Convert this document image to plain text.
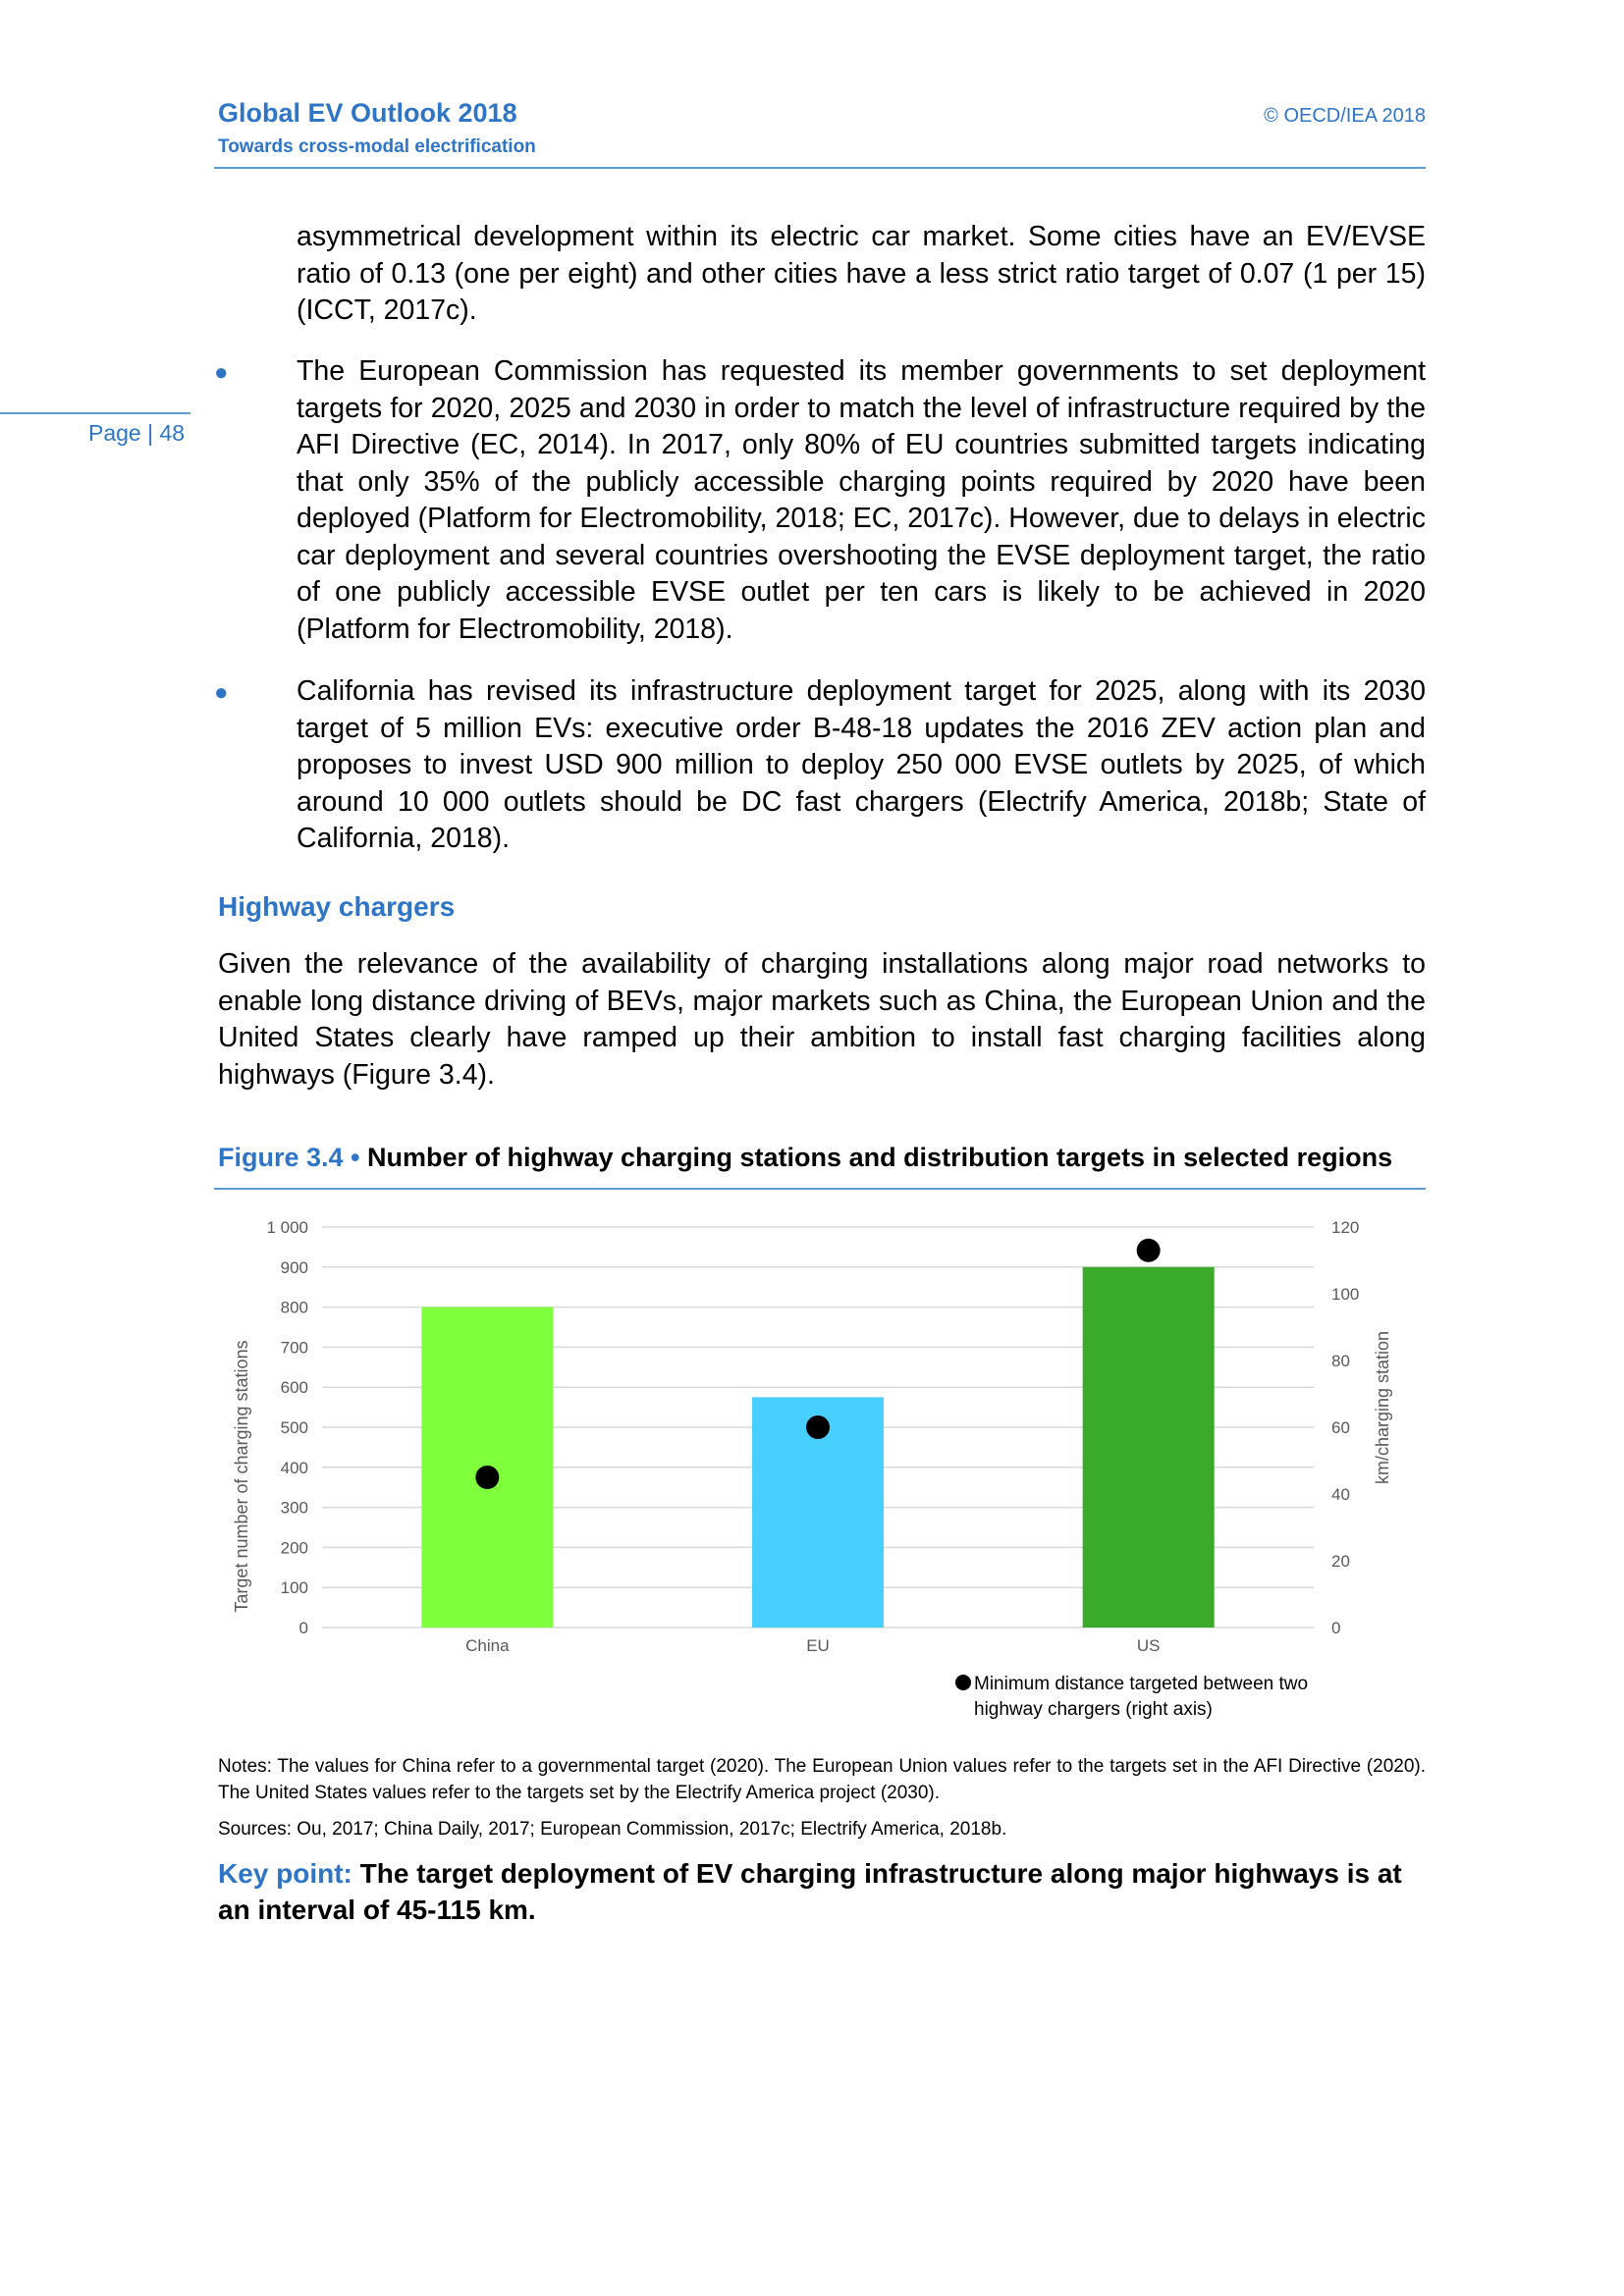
Global EV Outlook 2018
Towards cross-modal electrification
© OECD/IEA 2018
Page | 48
asymmetrical development within its electric car market. Some cities have an EV/EVSE ratio of 0.13 (one per eight) and other cities have a less strict ratio target of 0.07 (1 per 15) (ICCT, 2017c).
● The European Commission has requested its member governments to set deployment targets for 2020, 2025 and 2030 in order to match the level of infrastructure required by the AFI Directive (EC, 2014). In 2017, only 80% of EU countries submitted targets indicating that only 35% of the publicly accessible charging points required by 2020 have been deployed (Platform for Electromobility, 2018; EC, 2017c). However, due to delays in electric car deployment and several countries overshooting the EVSE deployment target, the ratio of one publicly accessible EVSE outlet per ten cars is likely to be achieved in 2020 (Platform for Electromobility, 2018).
● California has revised its infrastructure deployment target for 2025, along with its 2030 target of 5 million EVs: executive order B-48-18 updates the 2016 ZEV action plan and proposes to invest USD 900 million to deploy 250 000 EVSE outlets by 2025, of which around 10 000 outlets should be DC fast chargers (Electrify America, 2018b; State of California, 2018).
Highway chargers
Given the relevance of the availability of charging installations along major road networks to enable long distance driving of BEVs, major markets such as China, the European Union and the United States clearly have ramped up their ambition to install fast charging facilities along highways (Figure 3.4).
Figure 3.4 • Number of highway charging stations and distribution targets in selected regions
0
100
200
300
400
500
600
700
800
900
1 000
0
20
40
60
80
100
120
China	EU	US
Target number of charging stations	km/charging station
Minimum distance targeted between two
highway chargers (right axis)
Notes: The values for China refer to a governmental target (2020). The European Union values refer to the targets set in the AFI Directive (2020). The United States values refer to the targets set by the Electrify America project (2030).
Sources: Ou, 2017; China Daily, 2017; European Commission, 2017c; Electrify America, 2018b.
Key point: The target deployment of EV charging infrastructure along major highways is at an interval of 45-115 km.
